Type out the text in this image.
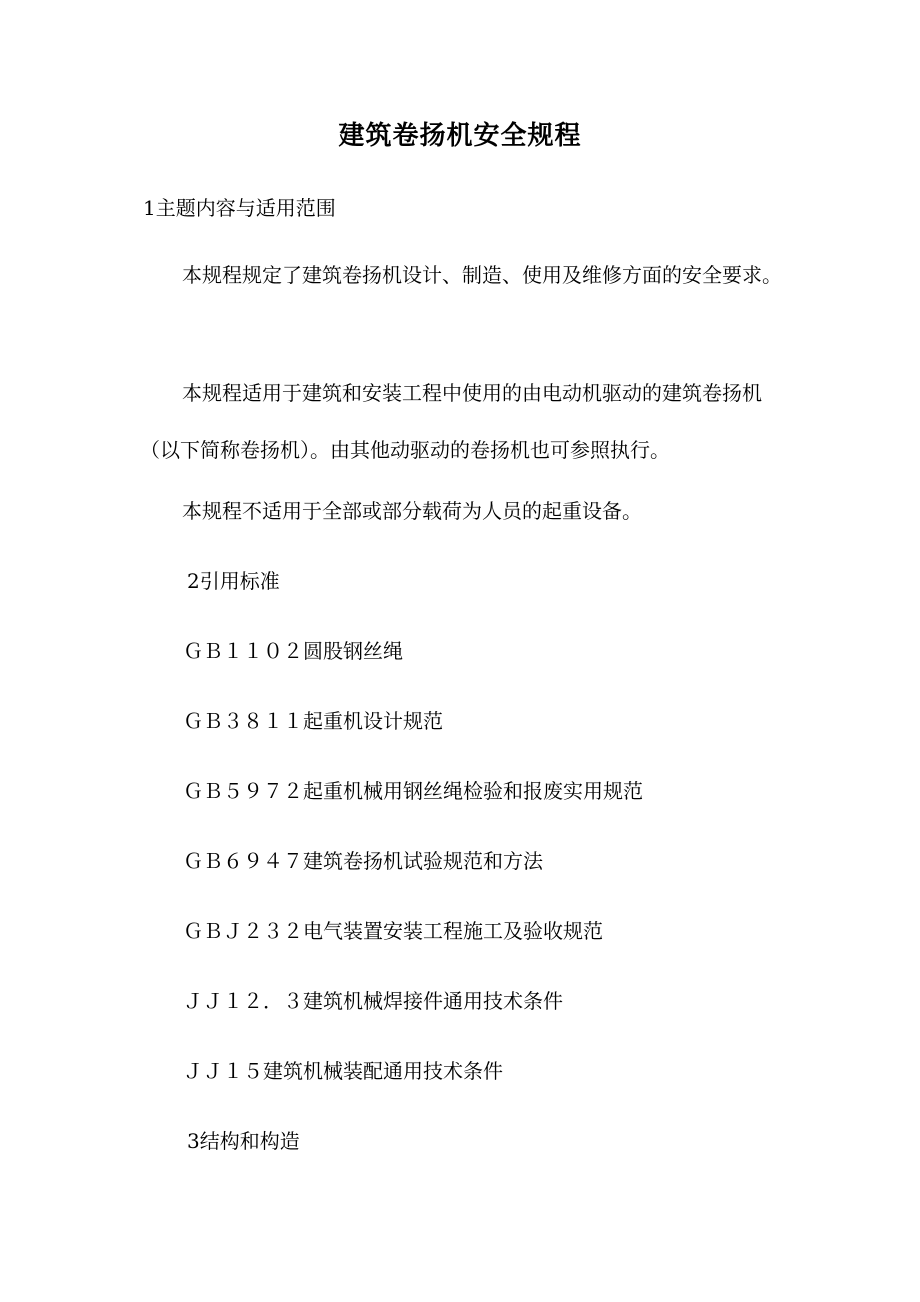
建筑卷扬机安全规程
1主题内容与适用范围
本规程规定了建筑卷扬机设计、制造、使用及维修方面的安全要求。
本规程适用于建筑和安装工程中使用的由电动机驱动的建筑卷扬机（以下简称卷扬机）。由其他动驱动的卷扬机也可参照执行。
本规程不适用于全部或部分载荷为人员的起重设备。
2引用标准
ＧＢ１１０２圆股钢丝绳
ＧＢ３８１１起重机设计规范
ＧＢ５９７２起重机械用钢丝绳检验和报废实用规范
ＧＢ６９４７建筑卷扬机试验规范和方法
ＧＢＪ２３２电气装置安装工程施工及验收规范
ＪＪ１２．３建筑机械焊接件通用技术条件
ＪＪ１５建筑机械装配通用技术条件
3结构和构造
